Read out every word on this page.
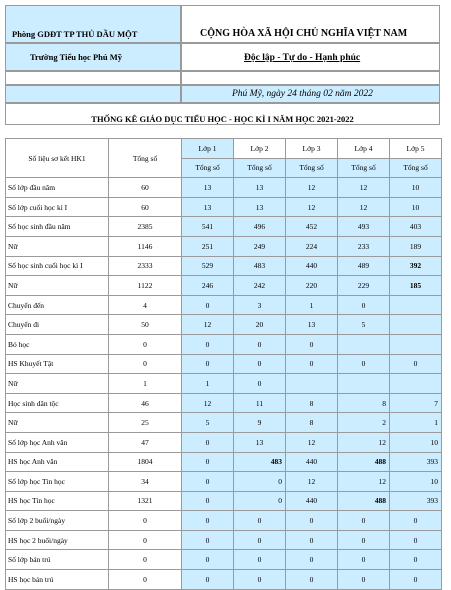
Phòng GDĐT TP THỦ DẦU MỘT
Trường Tiểu học Phú Mỹ
CỘNG HÒA XÃ HỘI CHỦ NGHĨA VIỆT NAM
Độc lập - Tự do - Hạnh phúc
Phú Mỹ, ngày 24 tháng 02 năm 2022
$_{THỐNG KÊ GIÁO DỤC TIỂU HỌC - HỌC KÌ I NĂM HỌC 2021-2022}$
Số liệu sơ kết HK1	Tổng số	Lớp 1	Lớp 2	Lớp 3	Lớp 4	Lớp 5
		Tổng số	Tổng số	Tổng số	Tổng số	Tổng số
Số lớp đầu năm	60	13	13	12	12	10
Số lớp cuối học kì I	60	13	13	12	12	10
Số học sinh đầu năm	2385	541	496	452	493	403
Nữ	1146	251	249	224	233	189
Số học sinh cuối học kì I	2333	529	483	440	489	392
Nữ	1122	246	242	220	229	185
Chuyển đến	4	0	3	1	0	
Chuyển đi	50	12	20	13	5	
Bỏ học	0	0	0	0		
HS Khuyết Tật	0	0	0	0	0	0
Nữ	1	1	0			
Học sinh dân tộc	46	12	11	8	8	7
Nữ	25	5	9	8	2	1
Số lớp học Anh văn	47	0	13	12	12	10
HS học Anh văn	1804	0	483	440	488	393
Số lớp học Tin học	34	0	0	12	12	10
HS học Tin học	1321	0	0	440	488	393
Số lớp 2 buổi/ngày	0	0	0	0	0	0
HS học 2 buổi/ngày	0	0	0	0	0	0
Số lớp bán trú	0	0	0	0	0	0
HS học bán trú	0	0	0	0	0	0
